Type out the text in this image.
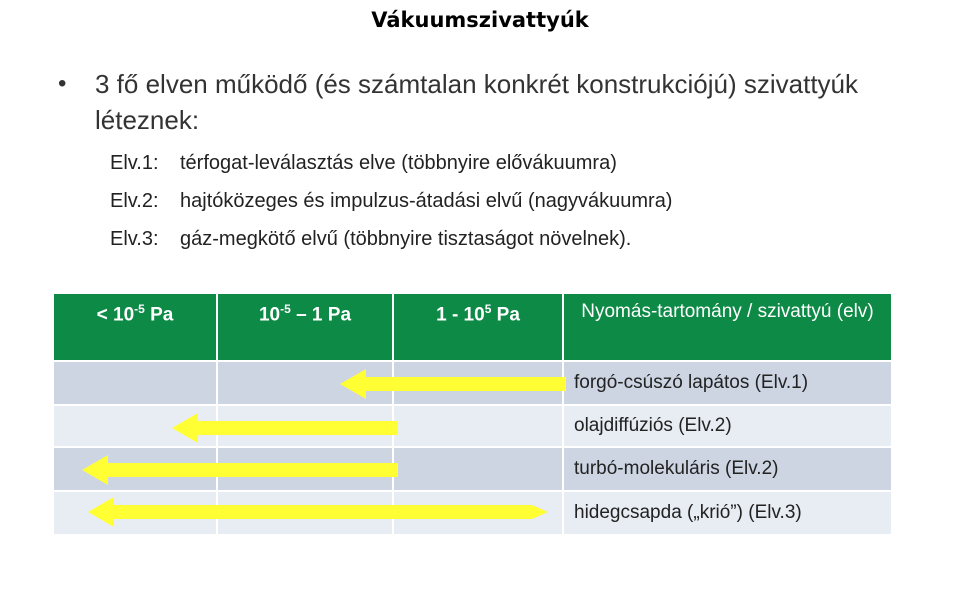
Vákuumszivattyúk
• 3 fő elven működő (és számtalan konkrét konstrukciójú) szivattyúk léteznek:
Elv.1: térfogat-leválasztás elve (többnyire elővákuumra)
Elv.2: hajtóközeges és impulzus-átadási elvű (nagyvákuumra)
Elv.3: gáz-megkötő elvű (többnyire tisztaságot növelnek).
< $10^{-5}$ Pa	$10^{-5} - 1$ Pa	$1 - 10^5$ Pa	Nyomás-tartomány / szivattyú (elv)
forgó-csúszó lapátos (Elv.1)
olajdiffúziós (Elv.2)
turbó-molekuláris (Elv.2)
hidegcsapda („krió”) (Elv.3)
